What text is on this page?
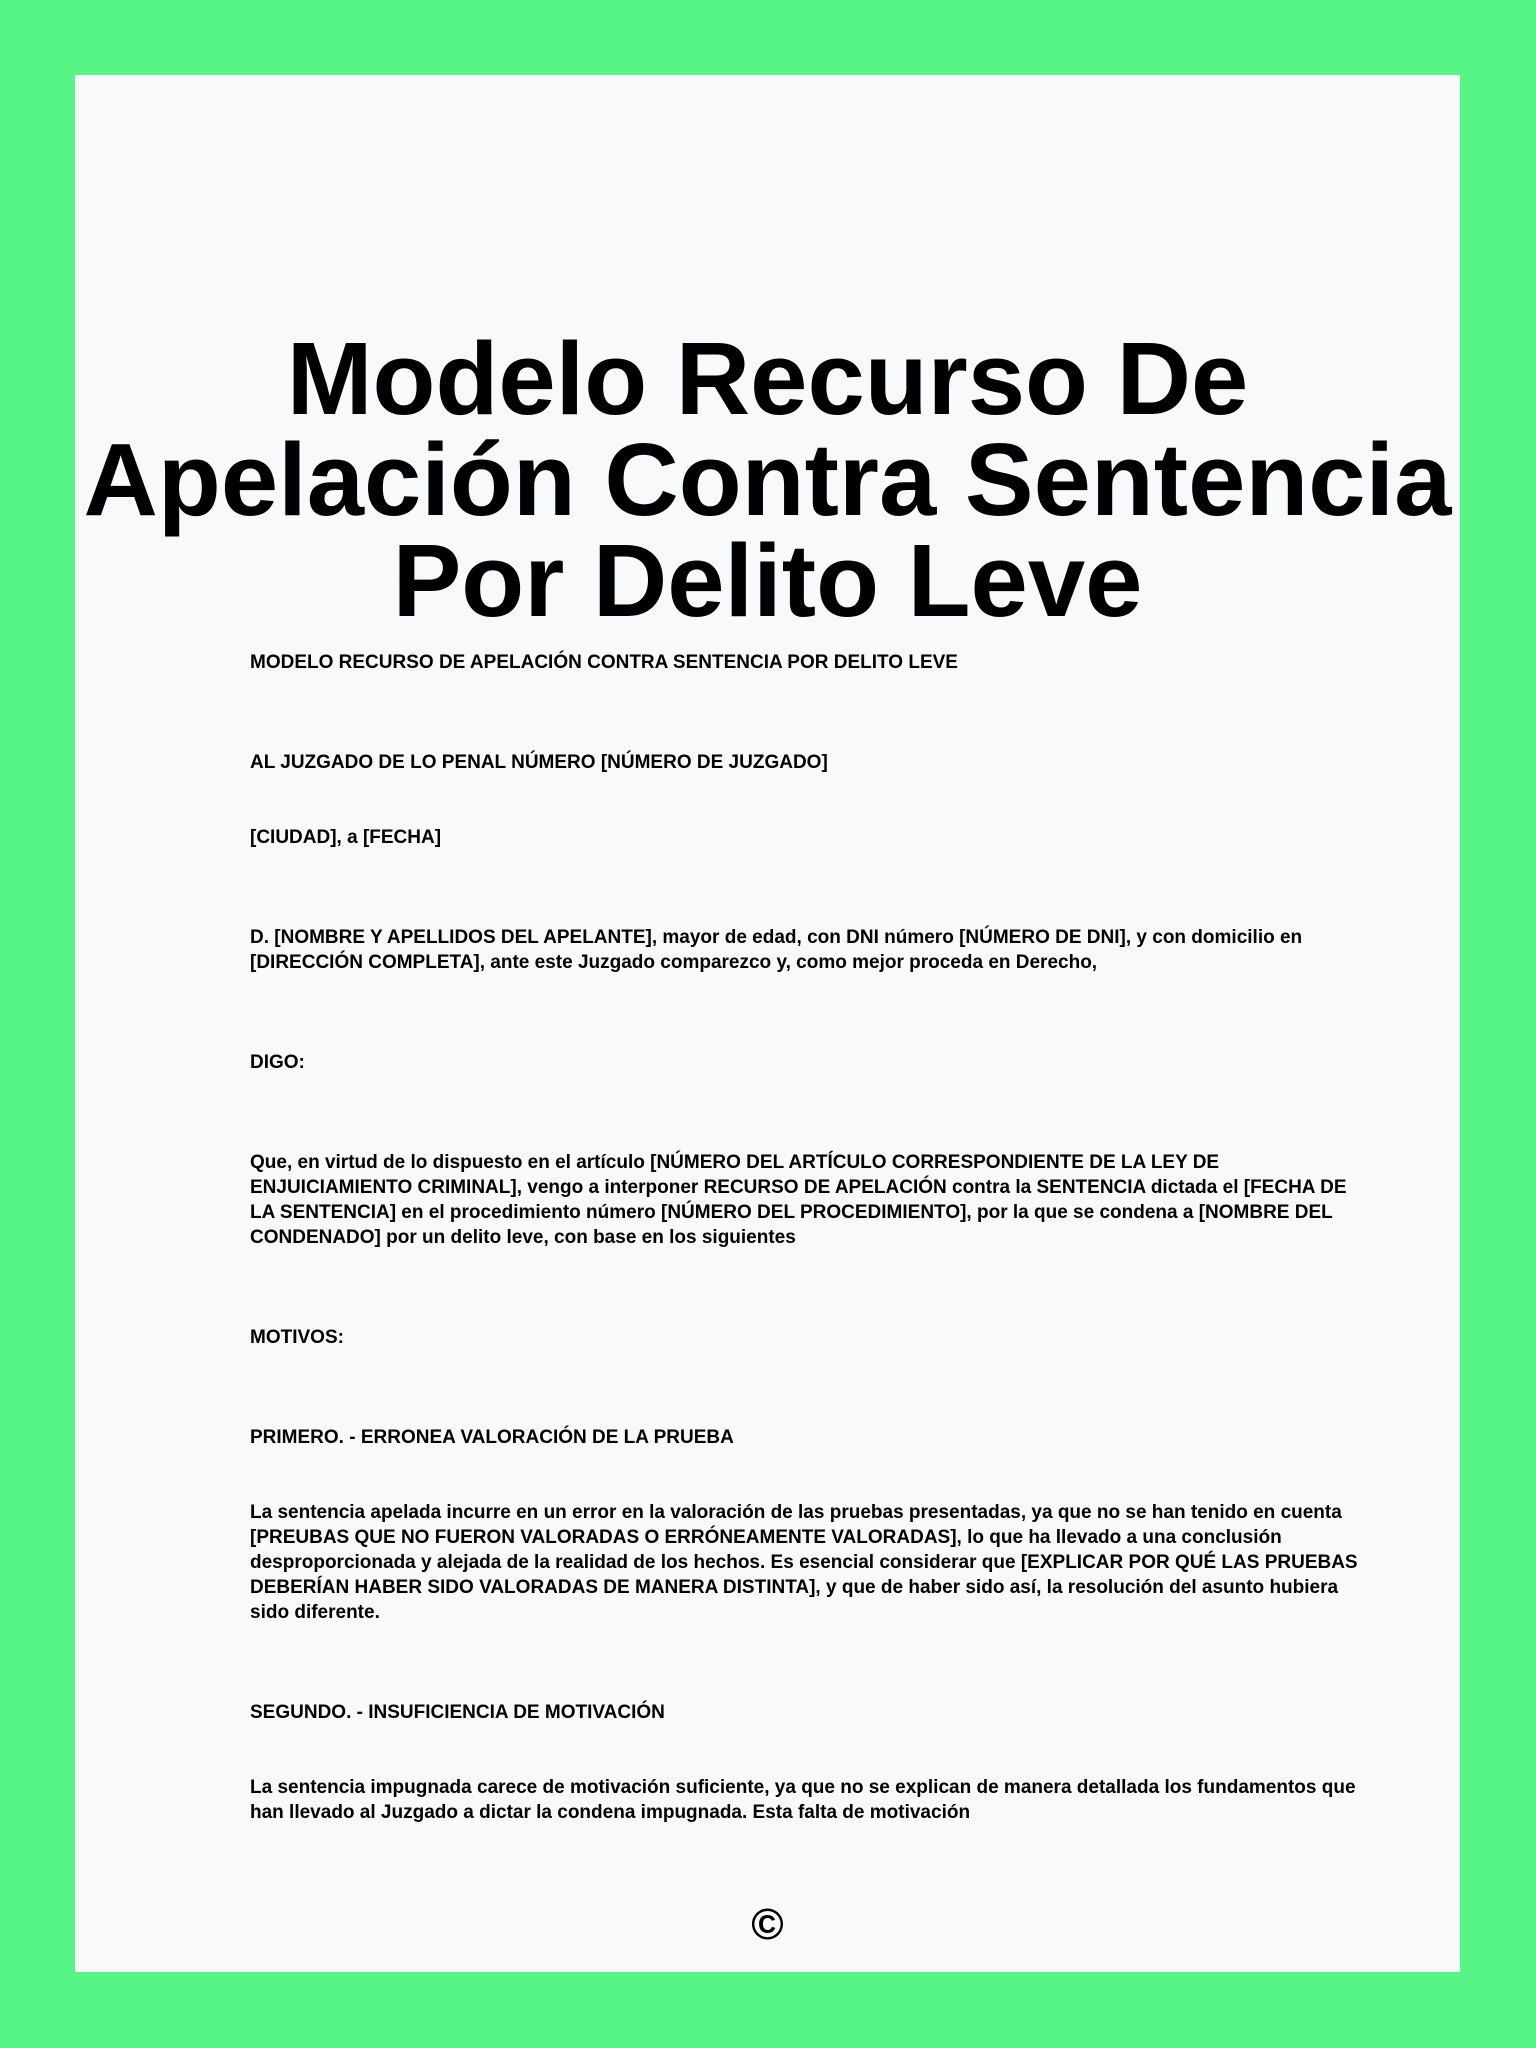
Modelo Recurso De Apelación Contra Sentencia Por Delito Leve

MODELO RECURSO DE APELACIÓN CONTRA SENTENCIA POR DELITO LEVE

AL JUZGADO DE LO PENAL NÚMERO [NÚMERO DE JUZGADO]

[CIUDAD], a [FECHA]

D. [NOMBRE Y APELLIDOS DEL APELANTE], mayor de edad, con DNI número [NÚMERO DE DNI], y con domicilio en [DIRECCIÓN COMPLETA], ante este Juzgado comparezco y, como mejor proceda en Derecho,

DIGO:

Que, en virtud de lo dispuesto en el artículo [NÚMERO DEL ARTÍCULO CORRESPONDIENTE DE LA LEY DE ENJUICIAMIENTO CRIMINAL], vengo a interponer RECURSO DE APELACIÓN contra la SENTENCIA dictada el [FECHA DE LA SENTENCIA] en el procedimiento número [NÚMERO DEL PROCEDIMIENTO], por la que se condena a [NOMBRE DEL CONDENADO] por un delito leve, con base en los siguientes

MOTIVOS:

PRIMERO. - ERRONEA VALORACIÓN DE LA PRUEBA

La sentencia apelada incurre en un error en la valoración de las pruebas presentadas, ya que no se han tenido en cuenta [PREUBAS QUE NO FUERON VALORADAS O ERRÓNEAMENTE VALORADAS], lo que ha llevado a una conclusión desproporcionada y alejada de la realidad de los hechos. Es esencial considerar que [EXPLICAR POR QUÉ LAS PRUEBAS DEBERÍAN HABER SIDO VALORADAS DE MANERA DISTINTA], y que de haber sido así, la resolución del asunto hubiera sido diferente.

SEGUNDO. - INSUFICIENCIA DE MOTIVACIÓN

La sentencia impugnada carece de motivación suficiente, ya que no se explican de manera detallada los fundamentos que han llevado al Juzgado a dictar la condena impugnada. Esta falta de motivación

©
